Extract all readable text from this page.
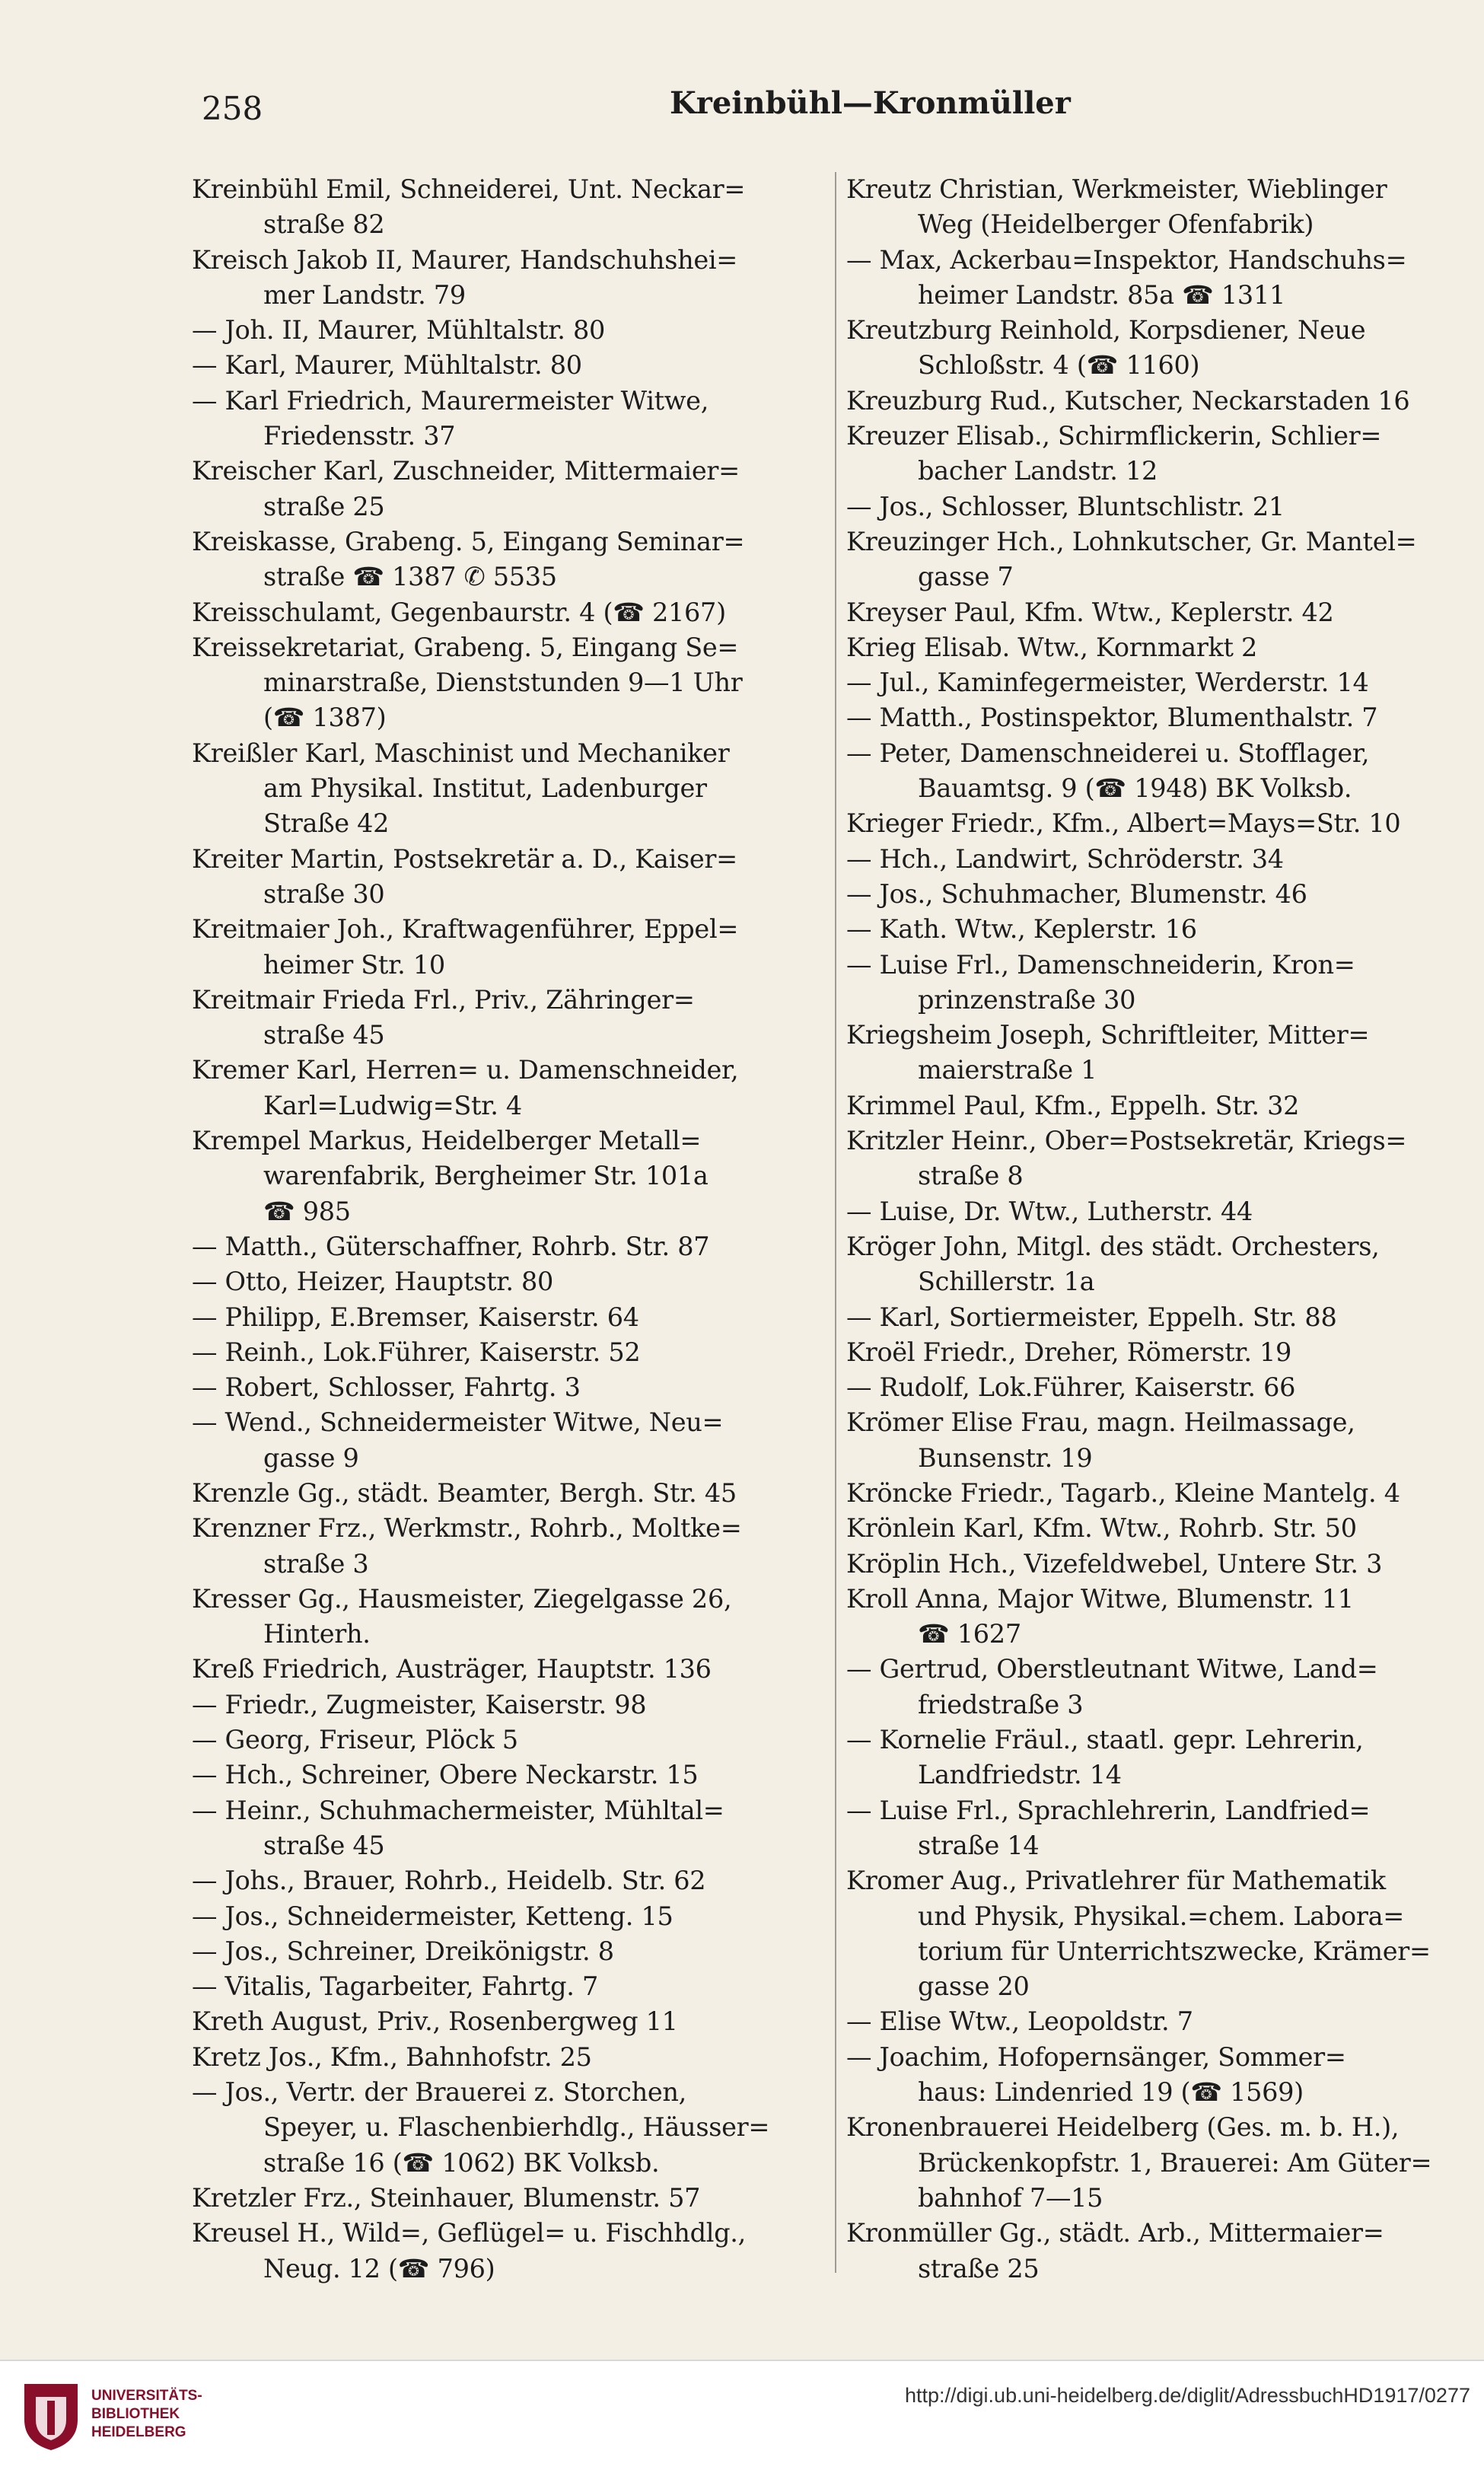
258	Kreinbühl—Kronmüller
Kreinbühl Emil, Schneiderei, Unt. Neckar=
straße 82
Kreisch Jakob II, Maurer, Handschuhshei=
mer Landstr. 79
— Joh. II, Maurer, Mühltalstr. 80
— Karl, Maurer, Mühltalstr. 80
— Karl Friedrich, Maurermeister Witwe,
Friedensstr. 37
Kreischer Karl, Zuschneider, Mittermaier=
straße 25
Kreiskasse, Grabeng. 5, Eingang Seminar=
straße ☎ 1387 ✆ 5535
Kreisschulamt, Gegenbaurstr. 4 (☎ 2167)
Kreissekretariat, Grabeng. 5, Eingang Se=
minarstraße, Dienststunden 9—1 Uhr
(☎ 1387)
Kreißler Karl, Maschinist und Mechaniker
am Physikal. Institut, Ladenburger
Straße 42
Kreiter Martin, Postsekretär a. D., Kaiser=
straße 30
Kreitmaier Joh., Kraftwagenführer, Eppel=
heimer Str. 10
Kreitmair Frieda Frl., Priv., Zähringer=
straße 45
Kremer Karl, Herren= u. Damenschneider,
Karl=Ludwig=Str. 4
Krempel Markus, Heidelberger Metall=
warenfabrik, Bergheimer Str. 101a
☎ 985
— Matth., Güterschaffner, Rohrb. Str. 87
— Otto, Heizer, Hauptstr. 80
— Philipp, E.Bremser, Kaiserstr. 64
— Reinh., Lok.Führer, Kaiserstr. 52
— Robert, Schlosser, Fahrtg. 3
— Wend., Schneidermeister Witwe, Neu=
gasse 9
Krenzle Gg., städt. Beamter, Bergh. Str. 45
Krenzner Frz., Werkmstr., Rohrb., Moltke=
straße 3
Kresser Gg., Hausmeister, Ziegelgasse 26,
Hinterh.
Kreß Friedrich, Austräger, Hauptstr. 136
— Friedr., Zugmeister, Kaiserstr. 98
— Georg, Friseur, Plöck 5
— Hch., Schreiner, Obere Neckarstr. 15
— Heinr., Schuhmachermeister, Mühltal=
straße 45
— Johs., Brauer, Rohrb., Heidelb. Str. 62
— Jos., Schneidermeister, Ketteng. 15
— Jos., Schreiner, Dreikönigstr. 8
— Vitalis, Tagarbeiter, Fahrtg. 7
Kreth August, Priv., Rosenbergweg 11
Kretz Jos., Kfm., Bahnhofstr. 25
— Jos., Vertr. der Brauerei z. Storchen,
Speyer, u. Flaschenbierhdlg., Häusser=
straße 16 (☎ 1062) BK Volksb.
Kretzler Frz., Steinhauer, Blumenstr. 57
Kreusel H., Wild=, Geflügel= u. Fischhdlg.,
Neug. 12 (☎ 796)
Kreutz Christian, Werkmeister, Wieblinger
Weg (Heidelberger Ofenfabrik)
— Max, Ackerbau=Inspektor, Handschuhs=
heimer Landstr. 85a ☎ 1311
Kreutzburg Reinhold, Korpsdiener, Neue
Schloßstr. 4 (☎ 1160)
Kreuzburg Rud., Kutscher, Neckarstaden 16
Kreuzer Elisab., Schirmflickerin, Schlier=
bacher Landstr. 12
— Jos., Schlosser, Bluntschlistr. 21
Kreuzinger Hch., Lohnkutscher, Gr. Mantel=
gasse 7
Kreyser Paul, Kfm. Wtw., Keplerstr. 42
Krieg Elisab. Wtw., Kornmarkt 2
— Jul., Kaminfegermeister, Werderstr. 14
— Matth., Postinspektor, Blumenthalstr. 7
— Peter, Damenschneiderei u. Stofflager,
Bauamtsg. 9 (☎ 1948) BK Volksb.
Krieger Friedr., Kfm., Albert=Mays=Str. 10
— Hch., Landwirt, Schröderstr. 34
— Jos., Schuhmacher, Blumenstr. 46
— Kath. Wtw., Keplerstr. 16
— Luise Frl., Damenschneiderin, Kron=
prinzenstraße 30
Kriegsheim Joseph, Schriftleiter, Mitter=
maierstraße 1
Krimmel Paul, Kfm., Eppelh. Str. 32
Kritzler Heinr., Ober=Postsekretär, Kriegs=
straße 8
— Luise, Dr. Wtw., Lutherstr. 44
Kröger John, Mitgl. des städt. Orchesters,
Schillerstr. 1a
— Karl, Sortiermeister, Eppelh. Str. 88
Kroël Friedr., Dreher, Römerstr. 19
— Rudolf, Lok.Führer, Kaiserstr. 66
Krömer Elise Frau, magn. Heilmassage,
Bunsenstr. 19
Kröncke Friedr., Tagarb., Kleine Mantelg. 4
Krönlein Karl, Kfm. Wtw., Rohrb. Str. 50
Kröplin Hch., Vizefeldwebel, Untere Str. 3
Kroll Anna, Major Witwe, Blumenstr. 11
☎ 1627
— Gertrud, Oberstleutnant Witwe, Land=
friedstraße 3
— Kornelie Fräul., staatl. gepr. Lehrerin,
Landfriedstr. 14
— Luise Frl., Sprachlehrerin, Landfried=
straße 14
Kromer Aug., Privatlehrer für Mathematik
und Physik, Physikal.=chem. Labora=
torium für Unterrichtszwecke, Krämer=
gasse 20
— Elise Wtw., Leopoldstr. 7
— Joachim, Hofopernsänger, Sommer=
haus: Lindenried 19 (☎ 1569)
Kronenbrauerei Heidelberg (Ges. m. b. H.),
Brückenkopfstr. 1, Brauerei: Am Güter=
bahnhof 7—15
Kronmüller Gg., städt. Arb., Mittermaier=
straße 25
UNIVERSITÄTS-
BIBLIOTHEK
HEIDELBERG
http://digi.ub.uni-heidelberg.de/diglit/AdressbuchHD1917/0277
